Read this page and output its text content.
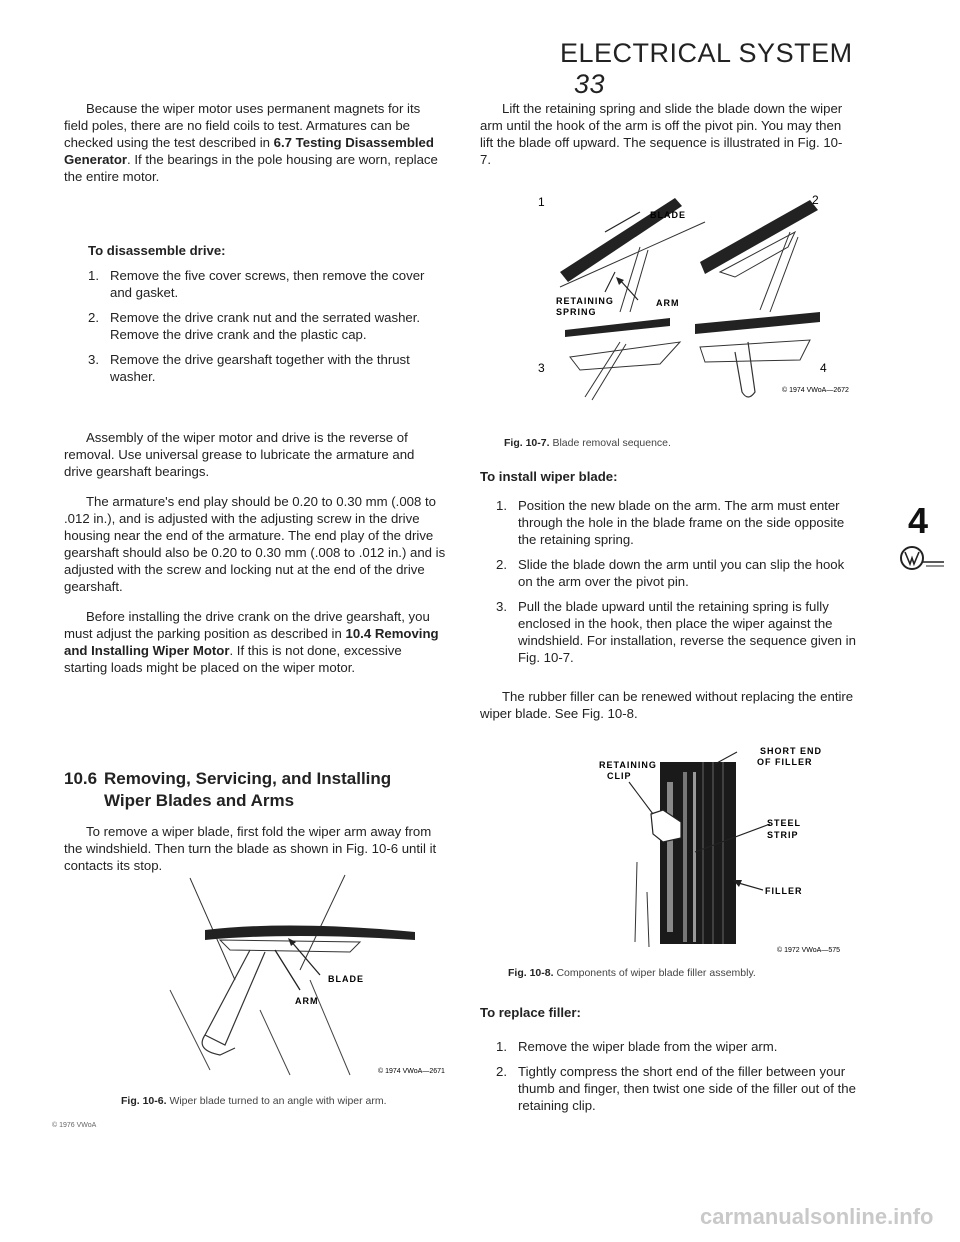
ELECTRICAL SYSTEM 33

Because the wiper motor uses permanent magnets for its field poles, there are no field coils to test. Armatures can be checked using the test described in 6.7 Testing Disassembled Generator. If the bearings in the pole housing are worn, replace the entire motor.

To disassemble drive:
1. Remove the five cover screws, then remove the cover and gasket.
2. Remove the drive crank nut and the serrated washer. Remove the drive crank and the plastic cap.
3. Remove the drive gearshaft together with the thrust washer.

Assembly of the wiper motor and drive is the reverse of removal. Use universal grease to lubricate the armature and drive gearshaft bearings.

The armature's end play should be 0.20 to 0.30 mm (.008 to .012 in.), and is adjusted with the adjusting screw in the drive housing near the end of the armature. The end play of the drive gearshaft should also be 0.20 to 0.30 mm (.008 to .012 in.) and is adjusted with the screw and locking nut at the end of the drive gearshaft.

Before installing the drive crank on the drive gearshaft, you must adjust the parking position as described in 10.4 Removing and Installing Wiper Motor. If this is not done, excessive starting loads might be placed on the wiper motor.

10.6 Removing, Servicing, and Installing
Wiper Blades and Arms

To remove a wiper blade, first fold the wiper arm away from the windshield. Then turn the blade as shown in Fig. 10-6 until it contacts its stop.

BLADE
ARM
© 1974 VWoA—2671
Fig. 10-6. Wiper blade turned to an angle with wiper arm.
© 1976 VWoA

Lift the retaining spring and slide the blade down the wiper arm until the hook of the arm is off the pivot pin. You may then lift the blade off upward. The sequence is illustrated in Fig. 10-7.

1	2
3	4
BLADE
ARM
RETAINING
SPRING
© 1974 VWoA—2672
Fig. 10-7. Blade removal sequence.
To install wiper blade:
1. Position the new blade on the arm. The arm must enter through the hole in the blade frame on the side opposite the retaining spring.
2. Slide the blade down the arm until you can slip the hook on the arm over the pivot pin.
3. Pull the blade upward until the retaining spring is fully enclosed in the hook, then place the wiper against the windshield. For installation, reverse the sequence given in Fig. 10-7.

The rubber filler can be renewed without replacing the entire wiper blade. See Fig. 10-8.

SHORT END
OF FILLER
RETAINING
CLIP
STEEL
STRIP
FILLER
© 1972 VWoA—575
Fig. 10-8. Components of wiper blade filler assembly.
To replace filler:
1. Remove the wiper blade from the wiper arm.
2. Tightly compress the short end of the filler between your thumb and finger, then twist one side of the filler out of the retaining clip.
4
carmanualsonline.info
